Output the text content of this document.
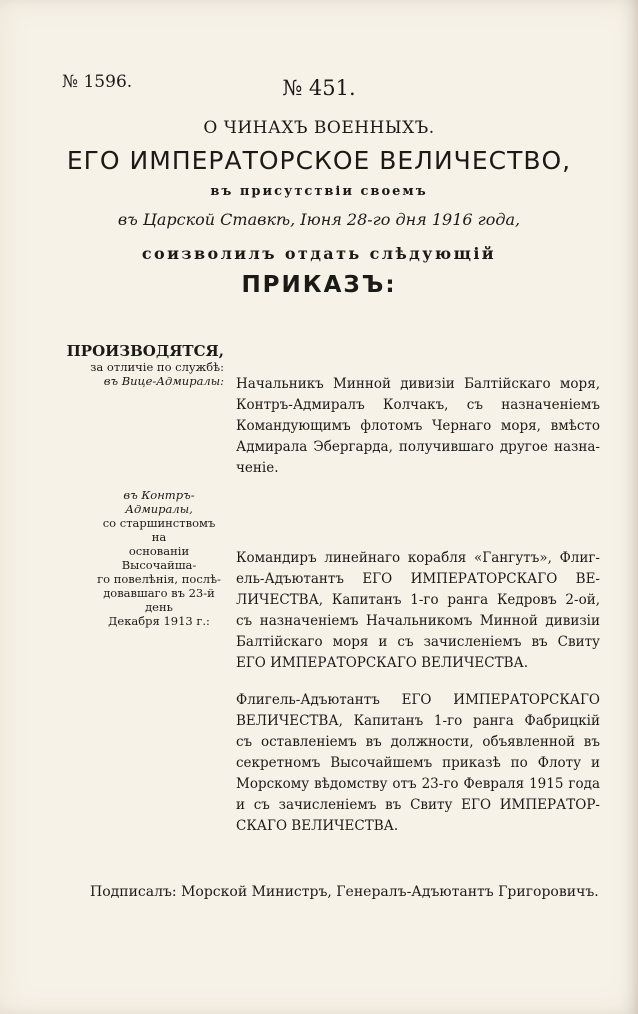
№ 1596.	№ 451.
О ЧИНАХЪ ВОЕННЫХЪ.
ЕГО ИМПЕРАТОРСКОЕ ВЕЛИЧЕСТВО,
въ присутствіи своемъ
въ Царской Ставкѣ, Іюня 28-го дня 1916 года,
соизволилъ отдать слѣдующій
ПРИКАЗЪ:
ПРОИЗВОДЯТСЯ,
за отличіе по службѣ:
въ Вице-Адмиралы:
въ Контръ-Адмиралы,
со старшинствомъ на
основаніи Высочайша-
го повелѣнія, послѣ-
довавшаго въ 23-й день
Декабря 1913 г.:
Начальникъ Минной дивизіи Балтійскаго моря,
Контръ-Адмиралъ Колчакъ, съ назначеніемъ
Командующимъ флотомъ Чернаго моря, вмѣсто
Адмирала Эбергарда, получившаго другое назна-
ченіе.
Командиръ линейнаго корабля «Гангутъ», Флиг-
ель-Адъютантъ ЕГО ИМПЕРАТОРСКАГО ВЕ-
ЛИЧЕСТВА, Капитанъ 1-го ранга Кедровъ 2-ой,
съ назначеніемъ Начальникомъ Минной дивизіи
Балтійскаго моря и съ зачисленіемъ въ Свиту
ЕГО ИМПЕРАТОРСКАГО ВЕЛИЧЕСТВА.
Флигель-Адъютантъ ЕГО ИМПЕРАТОРСКАГО
ВЕЛИЧЕСТВА, Капитанъ 1-го ранга Фабрицкій
съ оставленіемъ въ должности, объявленной въ
секретномъ Высочайшемъ приказѣ по Флоту и
Морскому вѣдомству отъ 23-го Февраля 1915 года
и съ зачисленіемъ въ Свиту ЕГО ИМПЕРАТОР-
СКАГО ВЕЛИЧЕСТВА.
Подписалъ: Морской Министръ, Генералъ-Адъютантъ Григоровичъ.
